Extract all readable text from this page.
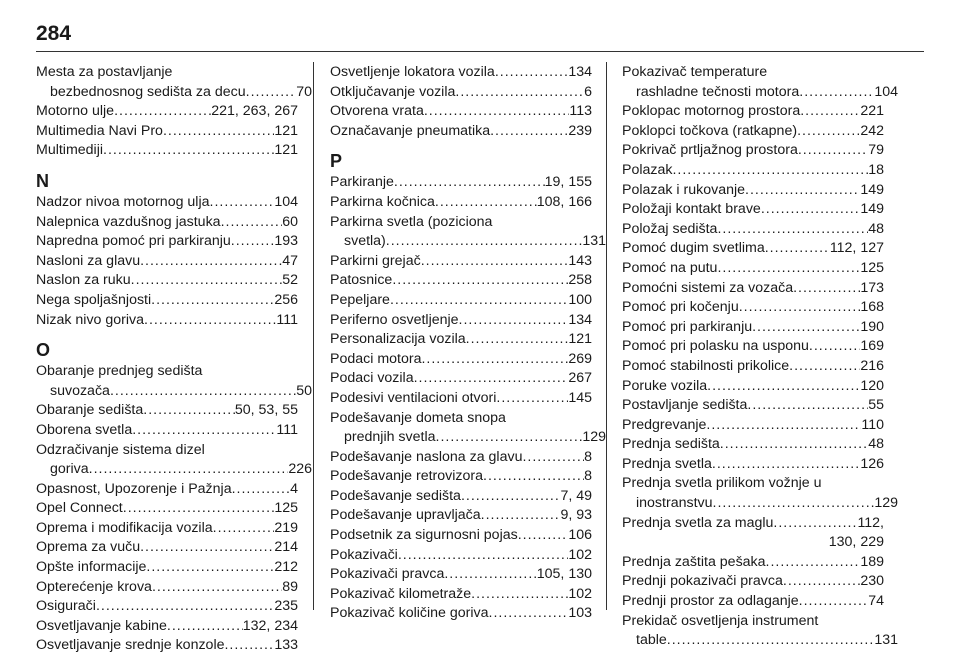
284
Mesta za postavljanje
bezbednosnog sedišta za decu .....	70
Motorno ulje .....	221, 263, 267
Multimedia Navi Pro .....	121
Multimediji .....	121
N
Nadzor nivoa motornog ulja .....	104
Nalepnica vazdušnog jastuka .....	60
Napredna pomoć pri parkiranju .....	193
Nasloni za glavu .....	47
Naslon za ruku .....	52
Nega spoljašnjosti .....	256
Nizak nivo goriva .....	111
O
Obaranje prednjeg sedišta
suvozača .....	50
Obaranje sedišta .....	50, 53, 55
Oborena svetla .....	111
Odzračivanje sistema dizel
goriva .....	226
Opasnost, Upozorenje i Pažnja .....	4
Opel Connect .....	125
Oprema i modifikacija vozila .....	219
Oprema za vuču .....	214
Opšte informacije .....	212
Opterećenje krova .....	89
Osigurači .....	235
Osvetljavanje kabine .....	132, 234
Osvetljavanje srednje konzole .....	133
Osvetljenje lokatora vozila .....	134
Otključavanje vozila .....	6
Otvorena vrata .....	113
Označavanje pneumatika .....	239
P
Parkiranje .....	19, 155
Parkirna kočnica .....	108, 166
Parkirna svetla (poziciona
svetla) .....	131
Parkirni grejač .....	143
Patosnice .....	258
Pepeljare .....	100
Periferno osvetljenje .....	134
Personalizacija vozila .....	121
Podaci motora .....	269
Podaci vozila .....	267
Podesivi ventilacioni otvori .....	145
Podešavanje dometa snopa
prednjih svetla .....	129
Podešavanje naslona za glavu .....	8
Podešavanje retrovizora .....	8
Podešavanje sedišta .....	7, 49
Podešavanje upravljača .....	9, 93
Podsetnik za sigurnosni pojas .....	106
Pokazivači .....	102
Pokazivači pravca .....	105, 130
Pokazivač kilometraže .....	102
Pokazivač količine goriva .....	103
Pokazivač temperature
rashladne tečnosti motora .....	104
Poklopac motornog prostora .....	221
Poklopci točkova (ratkapne) .....	242
Pokrivač prtljažnog prostora .....	79
Polazak .....	18
Polazak i rukovanje .....	149
Položaji kontakt brave .....	149
Položaj sedišta .....	48
Pomoć dugim svetlima .....	112, 127
Pomoć na putu .....	125
Pomoćni sistemi za vozača .....	173
Pomoć pri kočenju .....	168
Pomoć pri parkiranju .....	190
Pomoć pri polasku na usponu .....	169
Pomoć stabilnosti prikolice .....	216
Poruke vozila .....	120
Postavljanje sedišta .....	55
Predgrevanje .....	110
Prednja sedišta .....	48
Prednja svetla .....	126
Prednja svetla prilikom vožnje u
inostranstvu .....	129
Prednja svetla za maglu .....	112,
130, 229
Prednja zaštita pešaka .....	189
Prednji pokazivači pravca .....	230
Prednji prostor za odlaganje .....	74
Prekidač osvetljenja instrument
table .....	131
